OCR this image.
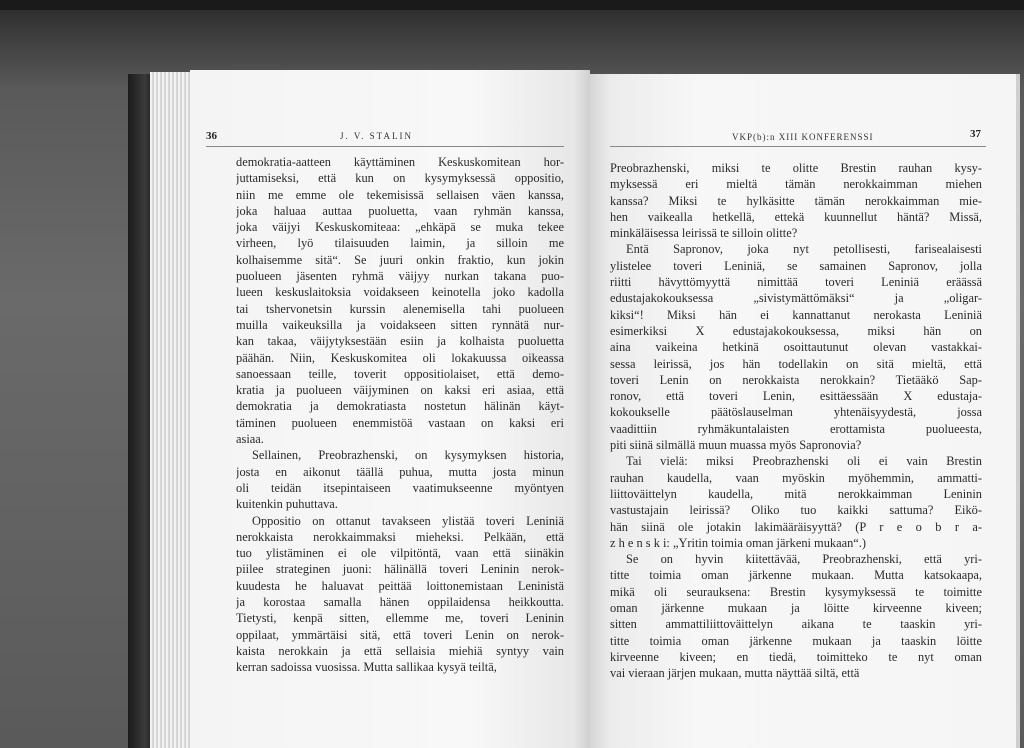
36	J. V. STALIN
demokratia-aatteen käyttäminen Keskuskomitean hor-
juttamiseksi, että kun on kysymyksessä oppositio,
niin me emme ole tekemisissä sellaisen väen kanssa,
joka haluaa auttaa puoluetta, vaan ryhmän kanssa,
joka väijyi Keskuskomiteaa: „ehkäpä se muka tekee
virheen, lyö tilaisuuden laimin, ja silloin me
kolhaisemme sitä“. Se juuri onkin fraktio, kun jokin
puolueen jäsenten ryhmä väijyy nurkan takana puo-
lueen keskuslaitoksia voidakseen keinotella joko kadolla
tai tshervonetsin kurssin alenemisella tahi puolueen
muilla vaikeuksilla ja voidakseen sitten rynnätä nur-
kan takaa, väijytyksestään esiin ja kolhaista puoluetta
päähän. Niin, Keskuskomitea oli lokakuussa oikeassa
sanoessaan teille, toverit oppositiolaiset, että demo-
kratia ja puolueen väijyminen on kaksi eri asiaa, että
demokratia ja demokratiasta nostetun hälinän käyt-
täminen puolueen enemmistöä vastaan on kaksi eri
asiaa.
Sellainen, Preobrazhenski, on kysymyksen historia,
josta en aikonut täällä puhua, mutta josta minun
oli teidän itsepintaiseen vaatimukseenne myöntyen
kuitenkin puhuttava.
Oppositio on ottanut tavakseen ylistää toveri Leniniä
nerokkaista nerokkaimmaksi mieheksi. Pelkään, että
tuo ylistäminen ei ole vilpitöntä, vaan että siinäkin
piilee strateginen juoni: hälinällä toveri Leninin nerok-
kuudesta he haluavat peittää loittonemistaan Leninistä
ja korostaa samalla hänen oppilaidensa heikkoutta.
Tietysti, kenpä sitten, ellemme me, toveri Leninin
oppilaat, ymmärtäisi sitä, että toveri Lenin on nerok-
kaista nerokkain ja että sellaisia miehiä syntyy vain
kerran sadoissa vuosissa. Mutta sallikaa kysyä teiltä,
VKP(b):n XIII KONFERENSSI	37
Preobrazhenski, miksi te olitte Brestin rauhan kysy-
myksessä eri mieltä tämän nerokkaimman miehen
kanssa? Miksi te hylkäsitte tämän nerokkaimman mie-
hen vaikealla hetkellä, ettekä kuunnellut häntä? Missä,
minkäläisessa leirissä te silloin olitte?
Entä Sapronov, joka nyt petollisesti, farisealaisesti
ylistelee toveri Leniniä, se samainen Sapronov, jolla
riitti hävyttömyyttä nimittää toveri Leniniä eräässä
edustajakokouksessa „sivistymättömäksi“ ja „oligar-
kiksi“! Miksi hän ei kannattanut nerokasta Leniniä
esimerkiksi X edustajakokouksessa, miksi hän on
aina vaikeina hetkinä osoittautunut olevan vastakkai-
sessa leirissä, jos hän todellakin on sitä mieltä, että
toveri Lenin on nerokkaista nerokkain? Tietääkö Sap-
ronov, että toveri Lenin, esittäessään X edustaja-
kokoukselle päätöslauselman yhtenäisyydestä, jossa
vaadittiin ryhmäkuntalaisten erottamista puolueesta,
piti siinä silmällä muun muassa myös Sapronovia?
Tai vielä: miksi Preobrazhenski oli ei vain Brestin
rauhan kaudella, vaan myöskin myöhemmin, ammatti-
liittoväittelyn kaudella, mitä nerokkaimman Leninin
vastustajain leirissä? Oliko tuo kaikki sattuma? Eikö-
hän siinä ole jotakin lakimääräisyyttä? (P r e o b r a-
z h e n s k i: „Yritin toimia oman järkeni mukaan“.)
Se on hyvin kiitettävää, Preobrazhenski, että yri-
titte toimia oman järkenne mukaan. Mutta katsokaapa,
mikä oli seurauksena: Brestin kysymyksessä te toimitte
oman järkenne mukaan ja löitte kirveenne kiveen;
sitten ammattiliittoväittelyn aikana te taaskin yri-
titte toimia oman järkenne mukaan ja taaskin löitte
kirveenne kiveen; en tiedä, toimitteko te nyt oman
vai vieraan järjen mukaan, mutta näyttää siltä, että
